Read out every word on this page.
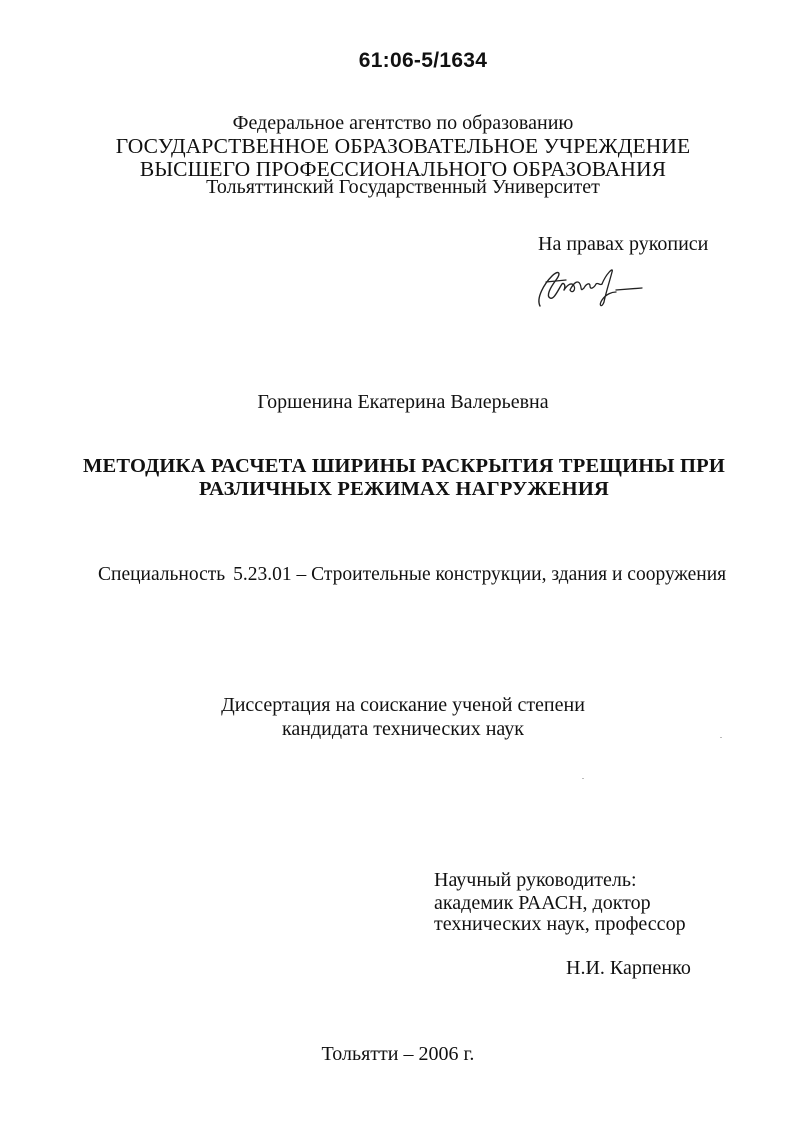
61:06-5/1634
Федеральное агентство по образованию
ГОСУДАРСТВЕННОЕ ОБРАЗОВАТЕЛЬНОЕ УЧРЕЖДЕНИЕ
ВЫСШЕГО ПРОФЕССИОНАЛЬНОГО ОБРАЗОВАНИЯ
Тольяттинский Государственный Университет
На правах рукописи
Горшенина Екатерина Валерьевна
МЕТОДИКА РАСЧЕТА ШИРИНЫ РАСКРЫТИЯ ТРЕЩИНЫ ПРИ
РАЗЛИЧНЫХ РЕЖИМАХ НАГРУЖЕНИЯ
Специальность 5.23.01 – Строительные конструкции, здания и сооружения
Диссертация на соискание ученой степени
кандидата технических наук
Научный руководитель:
академик РААСН, доктор
технических наук, профессор
Н.И. Карпенко
Тольятти – 2006 г.
